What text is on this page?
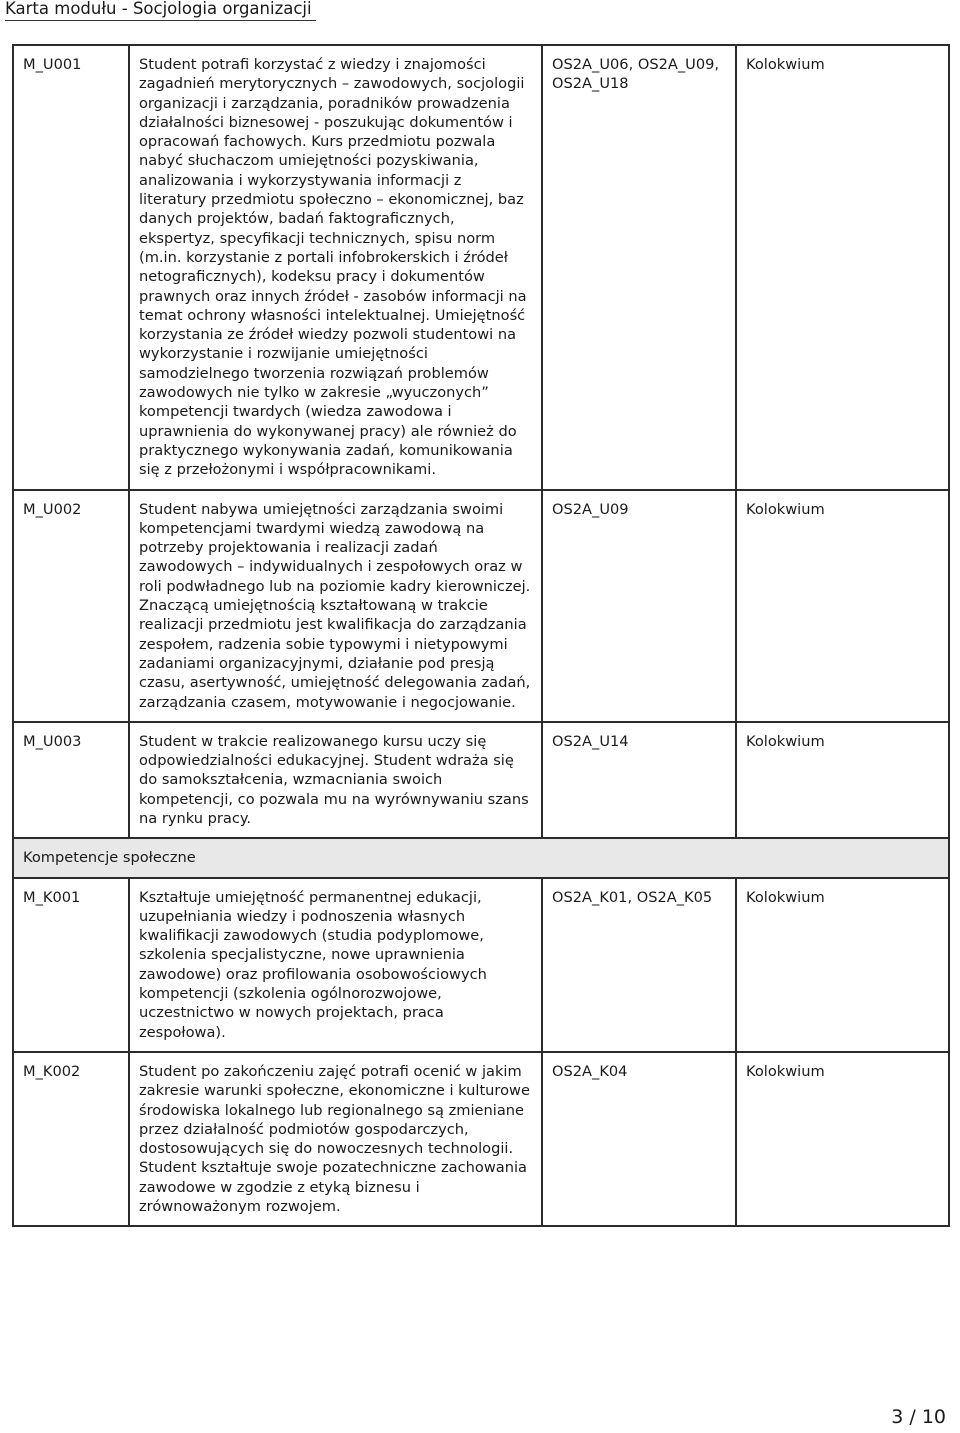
Karta modułu - Socjologia organizacji
M_U001	Student potrafi korzystać z wiedzy i znajomości zagadnień merytorycznych – zawodowych, socjologii organizacji i zarządzania, poradników prowadzenia działalności biznesowej - poszukując dokumentów i opracowań fachowych. Kurs przedmiotu pozwala nabyć słuchaczom umiejętności pozyskiwania, analizowania i wykorzystywania informacji z literatury przedmiotu społeczno – ekonomicznej, baz danych projektów, badań faktograficznych, ekspertyz, specyfikacji technicznych, spisu norm (m.in. korzystanie z portali infobrokerskich i źródeł netograficznych), kodeksu pracy i dokumentów prawnych oraz innych źródeł - zasobów informacji na temat ochrony własności intelektualnej. Umiejętność korzystania ze źródeł wiedzy pozwoli studentowi na wykorzystanie i rozwijanie umiejętności samodzielnego tworzenia rozwiązań problemów zawodowych nie tylko w zakresie „wyuczonych” kompetencji twardych (wiedza zawodowa i uprawnienia do wykonywanej pracy) ale również do praktycznego wykonywania zadań, komunikowania się z przełożonymi i współpracownikami.	OS2A_U06, OS2A_U09, OS2A_U18	Kolokwium
M_U002	Student nabywa umiejętności zarządzania swoimi kompetencjami twardymi wiedzą zawodową na potrzeby projektowania i realizacji zadań zawodowych – indywidualnych i zespołowych oraz w roli podwładnego lub na poziomie kadry kierowniczej. Znaczącą umiejętnością kształtowaną w trakcie realizacji przedmiotu jest kwalifikacja do zarządzania zespołem, radzenia sobie typowymi i nietypowymi zadaniami organizacyjnymi, działanie pod presją czasu, asertywność, umiejętność delegowania zadań, zarządzania czasem, motywowanie i negocjowanie.	OS2A_U09	Kolokwium
M_U003	Student w trakcie realizowanego kursu uczy się odpowiedzialności edukacyjnej. Student wdraża się do samokształcenia, wzmacniania swoich kompetencji, co pozwala mu na wyrównywaniu szans na rynku pracy.	OS2A_U14	Kolokwium
Kompetencje społeczne			
M_K001	Kształtuje umiejętność permanentnej edukacji, uzupełniania wiedzy i podnoszenia własnych kwalifikacji zawodowych (studia podyplomowe, szkolenia specjalistyczne, nowe uprawnienia zawodowe) oraz profilowania osobowościowych kompetencji (szkolenia ogólnorozwojowe, uczestnictwo w nowych projektach, praca zespołowa).	OS2A_K01, OS2A_K05	Kolokwium
M_K002	Student po zakończeniu zajęć potrafi ocenić w jakim zakresie warunki społeczne, ekonomiczne i kulturowe środowiska lokalnego lub regionalnego są zmieniane przez działalność podmiotów gospodarczych, dostosowujących się do nowoczesnych technologii. Student kształtuje swoje pozatechniczne zachowania zawodowe w zgodzie z etyką biznesu i zrównoważonym rozwojem.	OS2A_K04	Kolokwium
3 / 10
